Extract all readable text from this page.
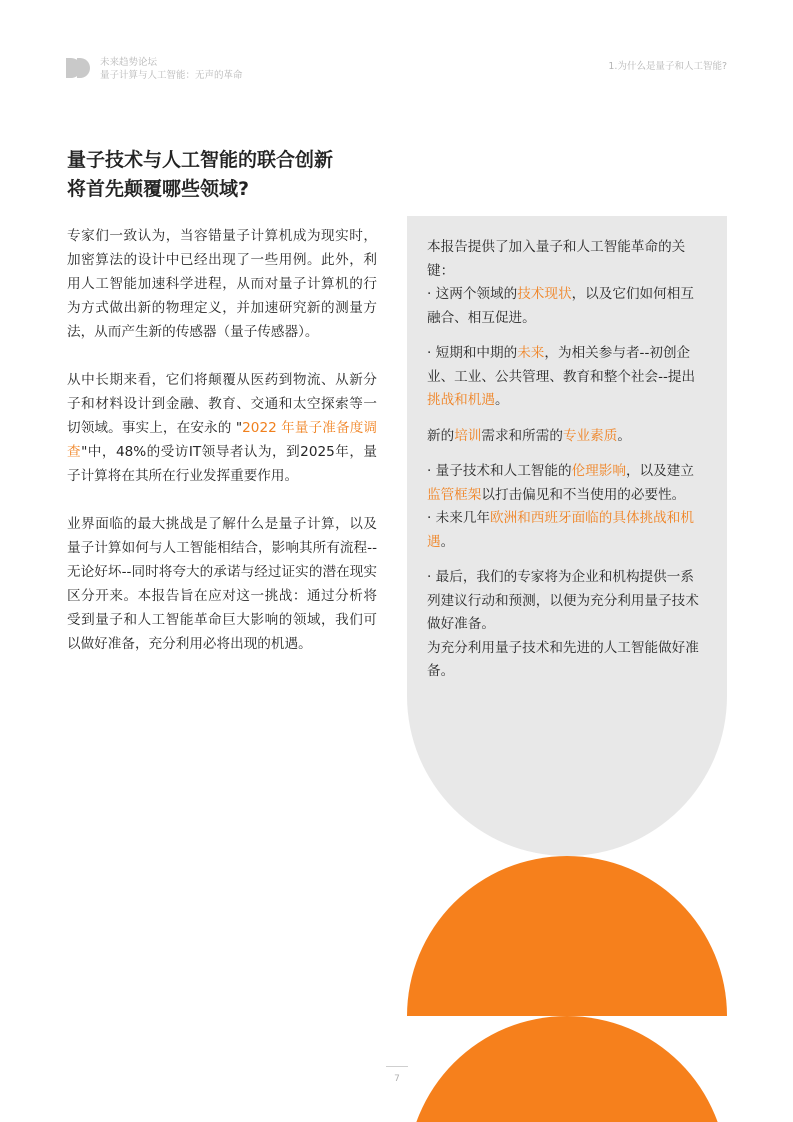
未来趋势论坛
量子计算与人工智能：无声的革命
1.为什么是量子和人工智能?
量子技术与人工智能的联合创新
将首先颠覆哪些领域?

专家们一致认为，当容错量子计算机成为现实时，加密算法的设计中已经出现了一些用例。此外，利用人工智能加速科学进程，从而对量子计算机的行为方式做出新的物理定义，并加速研究新的测量方法，从而产生新的传感器（量子传感器）。

从中长期来看，它们将颠覆从医药到物流、从新分子和材料设计到金融、教育、交通和太空探索等一切领域。事实上，在安永的 "2022 年量子准备度调查"中，48%的受访IT领导者认为，到2025年，量子计算将在其所在行业发挥重要作用。

业界面临的最大挑战是了解什么是量子计算，以及量子计算如何与人工智能相结合，影响其所有流程--无论好坏--同时将夸大的承诺与经过证实的潜在现实区分开来。本报告旨在应对这一挑战：通过分析将受到量子和人工智能革命巨大影响的领域，我们可以做好准备，充分利用必将出现的机遇。

本报告提供了加入量子和人工智能革命的关键：

· 这两个领域的技术现状，以及它们如何相互融合、相互促进。

· 短期和中期的未来，为相关参与者--初创企业、工业、公共管理、教育和整个社会--提出挑战和机遇。

新的培训需求和所需的专业素质。

· 量子技术和人工智能的伦理影响，以及建立监管框架以打击偏见和不当使用的必要性。

· 未来几年欧洲和西班牙面临的具体挑战和机遇。

· 最后，我们的专家将为企业和机构提供一系列建议行动和预测，以便为充分利用量子技术做好准备。

为充分利用量子技术和先进的人工智能做好准备。

7
